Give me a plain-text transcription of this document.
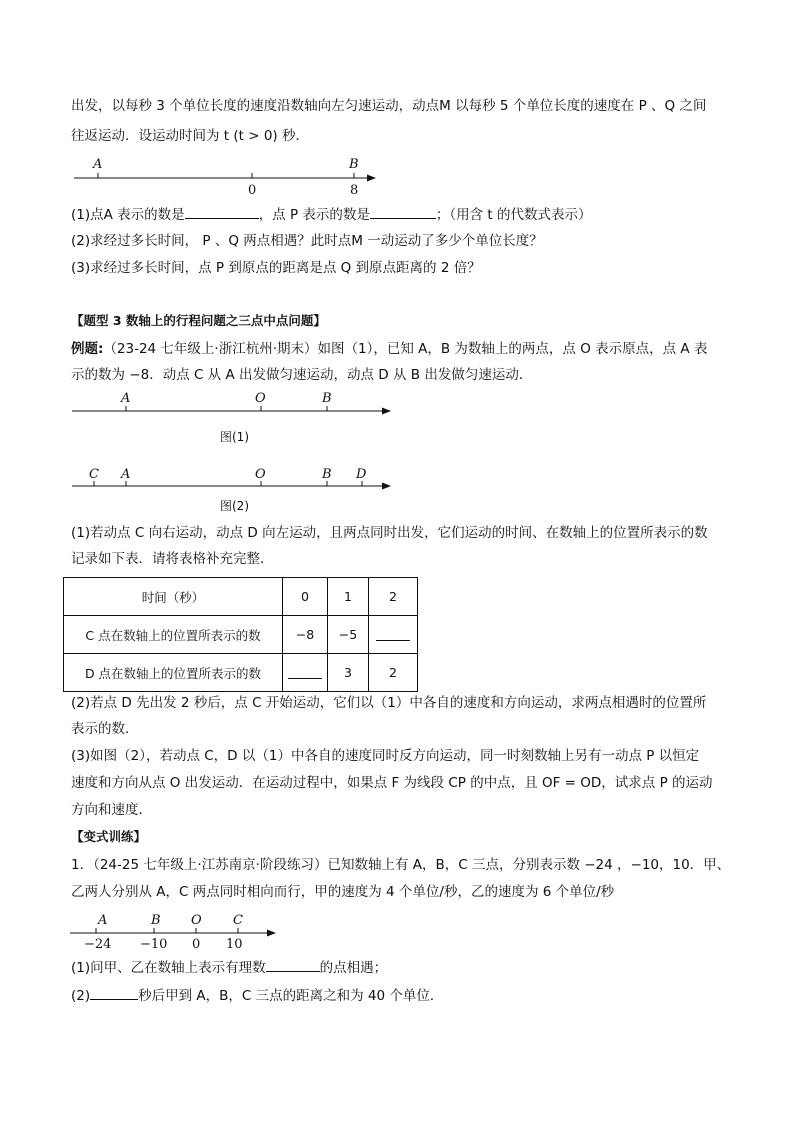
出发，以每秒 3 个单位长度的速度沿数轴向左匀速运动，动点M 以每秒 5 个单位长度的速度在 P 、Q 之间
往返运动．设运动时间为 t (t > 0) 秒．
A	B
0	8
A	O	B
图(1)
C A	O	B D
图(2)
A	B O C
−24 −10 0 10
(1)点A 表示的数是	，点 P 表示的数是	；（用含 t 的代数式表示）
(2)求经过多长时间， P 、Q 两点相遇？此时点M 一动运动了多少个单位长度？
(3)求经过多长时间，点 P 到原点的距离是点 Q 到原点距离的 2 倍？
【题型 3 数轴上的行程问题之三点中点问题】
例题:（23-24 七年级上·浙江杭州·期末）如图（1），已知 A，B 为数轴上的两点，点 O 表示原点，点 A 表
示的数为 −8．动点 C 从 A 出发做匀速运动，动点 D 从 B 出发做匀速运动．
(1)若动点 C 向右运动，动点 D 向左运动，且两点同时出发，它们运动的时间、在数轴上的位置所表示的数
记录如下表．请将表格补充完整．
时间（秒）	0	1	2
C 点在数轴上的位置所表示的数	−8	−5	
D 点在数轴上的位置所表示的数		3	2
(2)若点 D 先出发 2 秒后，点 C 开始运动，它们以（1）中各自的速度和方向运动，求两点相遇时的位置所
表示的数．
(3)如图（2），若动点 C，D 以（1）中各自的速度同时反方向运动，同一时刻数轴上另有一动点 P 以恒定
速度和方向从点 O 出发运动．在运动过程中，如果点 F 为线段 CP 的中点，且 OF = OD，试求点 P 的运动
方向和速度．
【变式训练】
1．（24-25 七年级上·江苏南京·阶段练习）已知数轴上有 A，B，C 三点，分别表示数 −24 ，−10，10．甲、
乙两人分别从 A，C 两点同时相向而行，甲的速度为 4 个单位/秒，乙的速度为 6 个单位/秒
(1)问甲、乙在数轴上表示有理数	的点相遇；
(2)	秒后甲到 A，B，C 三点的距离之和为 40 个单位．
